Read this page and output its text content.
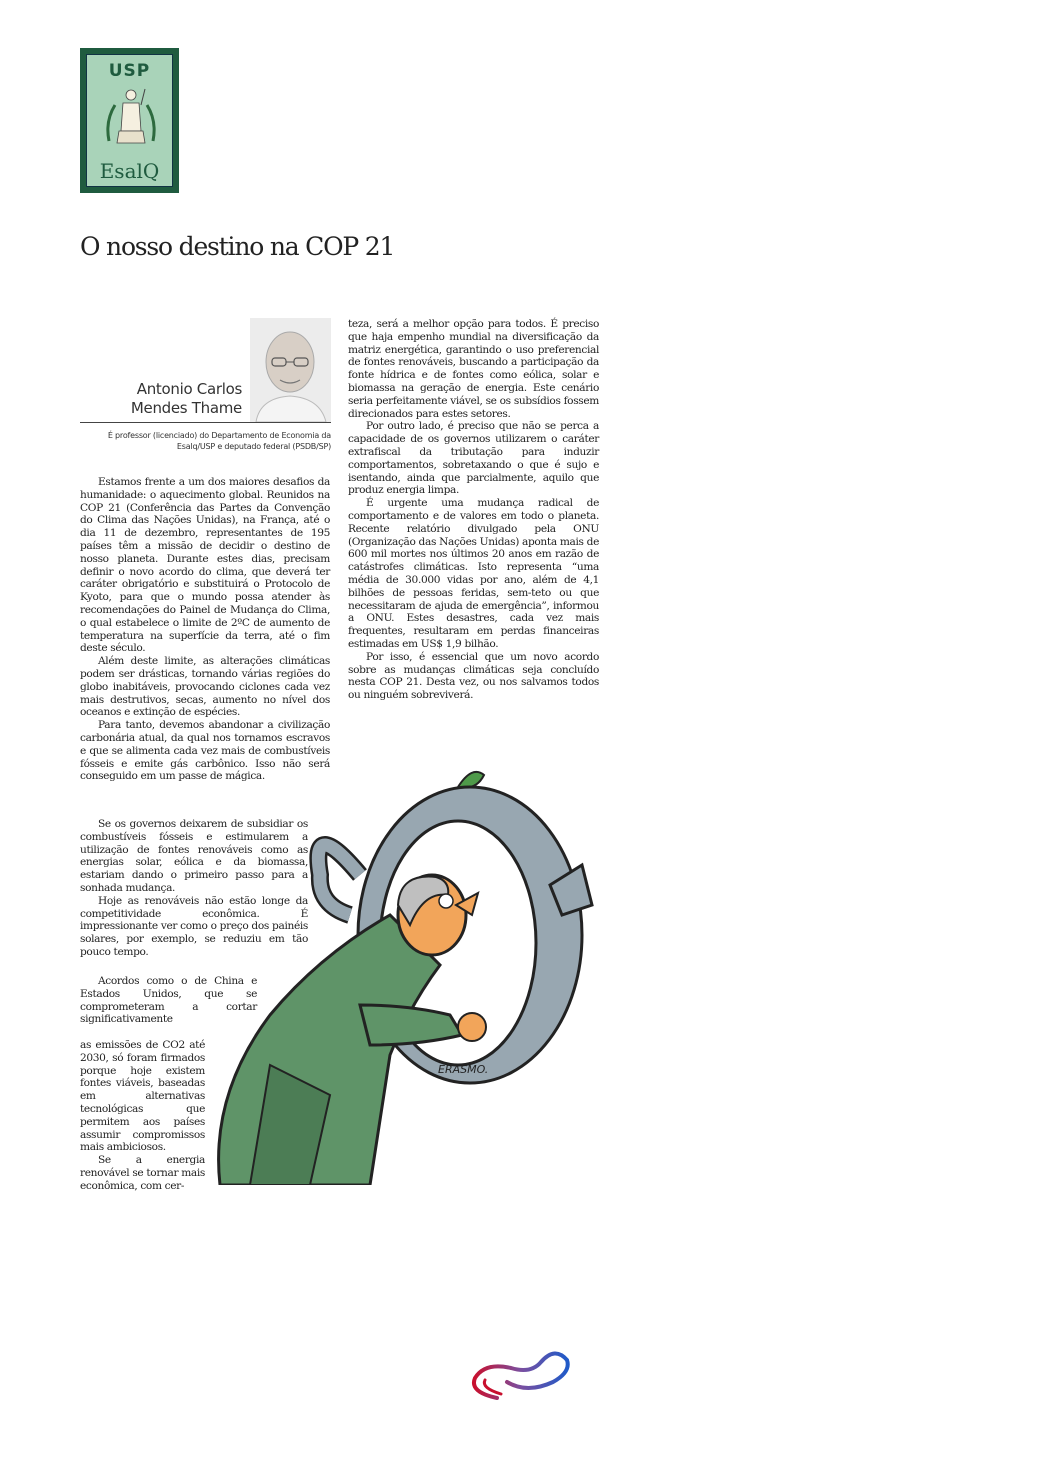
USP
EsalQ
O nosso destino na COP 21
Antonio Carlos
Mendes Thame
É professor (licenciado) do Departamento de Economia da
Esalq/USP e deputado federal (PSDB/SP)

Estamos frente a um dos maiores desafios da humanidade: o aquecimento global. Reunidos na COP 21 (Conferência das Partes da Convenção do Clima das Nações Unidas), na França, até o dia 11 de dezembro, representantes de 195 países têm a missão de decidir o destino de nosso planeta. Durante estes dias, precisam definir o novo acordo do clima, que deverá ter caráter obrigatório e substituirá o Protocolo de Kyoto, para que o mundo possa atender às recomendações do Painel de Mudança do Clima, o qual estabelece o limite de 2ºC de aumento de temperatura na superfície da terra, até o fim deste século.

Além deste limite, as alterações climáticas podem ser drásticas, tornando várias regiões do globo inabitáveis, provocando ciclones cada vez mais destrutivos, secas, aumento no nível dos oceanos e extinção de espécies.

Para tanto, devemos abandonar a civilização carbonária atual, da qual nos tornamos escravos e que se alimenta cada vez mais de combustíveis fósseis e emite gás carbônico. Isso não será conseguido em um passe de mágica.

Se os governos deixarem de subsidiar os combustíveis fósseis e estimularem a utilização de fontes renováveis como as energias solar, eólica e da biomassa, estariam dando o primeiro passo para a sonhada mudança.

Hoje as renováveis não estão longe da competitividade econômica. É impressionante ver como o preço dos painéis solares, por exemplo, se reduziu em tão pouco tempo.

Acordos como o de China e Estados Unidos, que se comprometeram a cortar significativamente

as emissões de CO2 até 2030, só foram firmados porque hoje existem fontes viáveis, baseadas em alternativas tecnológicas que permitem aos países assumir compromissos mais ambiciosos.

Se a energia renovável se tornar mais econômica, com cer-

teza, será a melhor opção para todos. É preciso que haja empenho mundial na diversificação da matriz energética, garantindo o uso preferencial de fontes renováveis, buscando a participação da fonte hídrica e de fontes como eólica, solar e biomassa na geração de energia. Este cenário seria perfeitamente viável, se os subsídios fossem direcionados para estes setores.

Por outro lado, é preciso que não se perca a capacidade de os governos utilizarem o caráter extrafiscal da tributação para induzir comportamentos, sobretaxando o que é sujo e isentando, ainda que parcialmente, aquilo que produz energia limpa.

É urgente uma mudança radical de comportamento e de valores em todo o planeta. Recente relatório divulgado pela ONU (Organização das Nações Unidas) aponta mais de 600 mil mortes nos últimos 20 anos em razão de catástrofes climáticas. Isto representa “uma média de 30.000 vidas por ano, além de 4,1 bilhões de pessoas feridas, sem-teto ou que necessitaram de ajuda de emergência”, informou a ONU. Estes desastres, cada vez mais frequentes, resultaram em perdas financeiras estimadas em US$ 1,9 bilhão.

Por isso, é essencial que um novo acordo sobre as mudanças climáticas seja concluído nesta COP 21. Desta vez, ou nos salvamos todos ou ninguém sobreviverá.

ERASMO.
